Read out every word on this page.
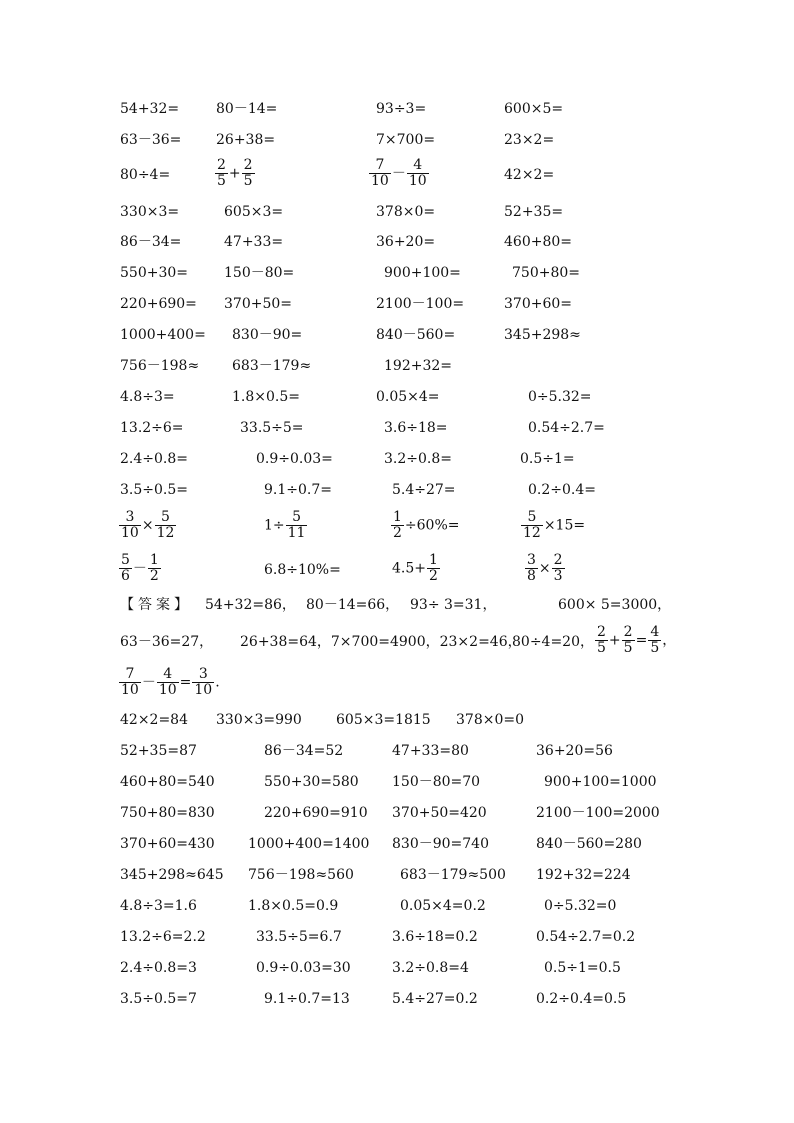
54+32=	80－14=	93÷3=	600×5=
63－36= 26+38=	7×700=	23×2=
80÷4=	$\frac{2}{5} + \frac{2}{5}$	$\frac{7}{10} - \frac{4}{10}$	42×2=
330×3=	605×3=	378×0=	52+35=
86－34=	47+33=	36+20=	460+80=
550+30=	150－80=	900+100=	750+80=
220+690= 370+50=	2100－100=	370+60=
1000+400= 830－90=	840－560=	345+298≈
756－198≈ 683－179≈	192+32=
4.8÷3=	1.8×0.5=	0.05×4=	0÷5.32=
13.2÷6=	33.5÷5=	3.6÷18=	0.54÷2.7=
2.4÷0.8=	0.9÷0.03=	3.2÷0.8=	0.5÷1=
3.5÷0.5=	9.1÷0.7=	5.4÷27=	0.2÷0.4=
$\frac{3}{10} \times \frac{5}{12}$	$1\div \frac{5}{11}$	$\frac{1}{2} \div 60\%=$	$\frac{5}{12} \times 15=$
$\frac{5}{6} - \frac{1}{2}$	6.8÷10%=	$4.5+ \frac{1}{2}$	$\frac{3}{8} \times \frac{2}{3}$
【答案】 54+32=86， 80－14=66， 93÷ 3=31，	600× 5=3000，
63－36=27， 26+38=64，7×700=4900，23×2=46，
80÷4=20， $\frac{2}{5} + \frac{2}{5} = \frac{4}{5}$ ，
$\frac{7}{10} - \frac{4}{10} = \frac{3}{10}$ .
42×2=84 330×3=990 605×3=1815 378×0=0
52+35=87	86－34=52	47+33=80	36+20=56
460+80=540	550+30=580 150－80=70	900+100=1000
750+80=830	220+690=910 370+50=420	2100－100=2000
370+60=430 1000+400=1400 830－90=740	840－560=280
345+298≈645 756－198≈560	683－179≈500 192+32=224
4.8÷3=1.6	1.8×0.5=0.9	0.05×4=0.2	0÷5.32=0
13.2÷6=2.2	33.5÷5=6.7	3.6÷18=0.2	0.54÷2.7=0.2
2.4÷0.8=3	0.9÷0.03=30	3.2÷0.8=4	0.5÷1=0.5
3.5÷0.5=7	9.1÷0.7=13	5.4÷27=0.2	0.2÷0.4=0.5
